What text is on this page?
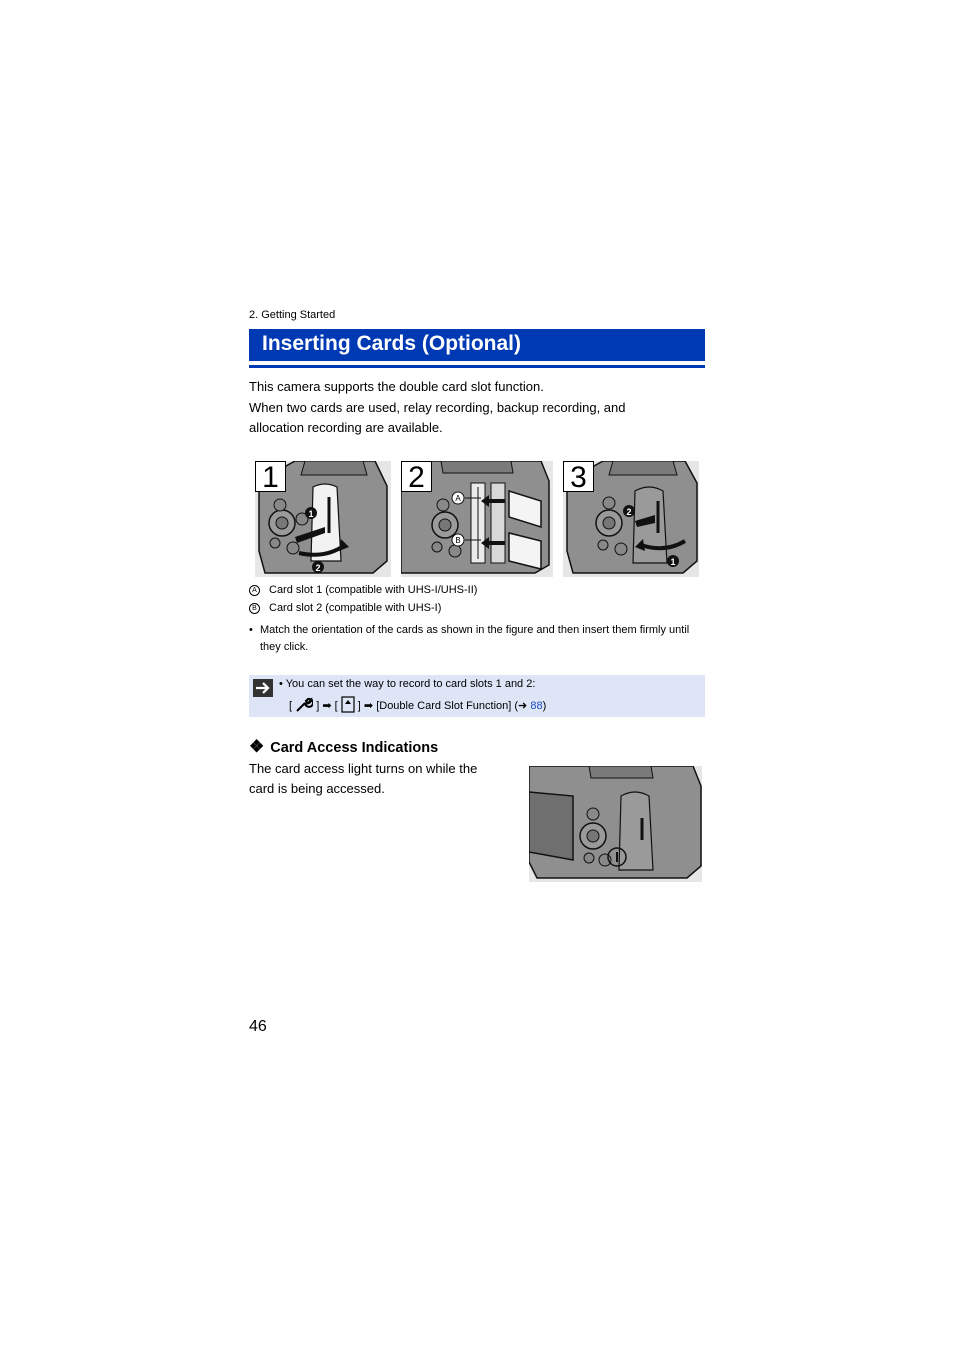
2. Getting Started
Inserting Cards (Optional)
This camera supports the double card slot function.
When two cards are used, relay recording, backup recording, and
allocation recording are available.
1
2
1
A
B
2
2
1
3
A Card slot 1 (compatible with UHS-I/UHS-II)
B Card slot 2 (compatible with UHS-I)
• Match the orientation of the cards as shown in the figure and then insert them firmly until they click.
• You can set the way to record to card slots 1 and 2:
[ ] ➡ [ ] ➡ [Double Card Slot Function] (➜ 88)
❖ Card Access Indications
The card access light turns on while the
card is being accessed.
46
